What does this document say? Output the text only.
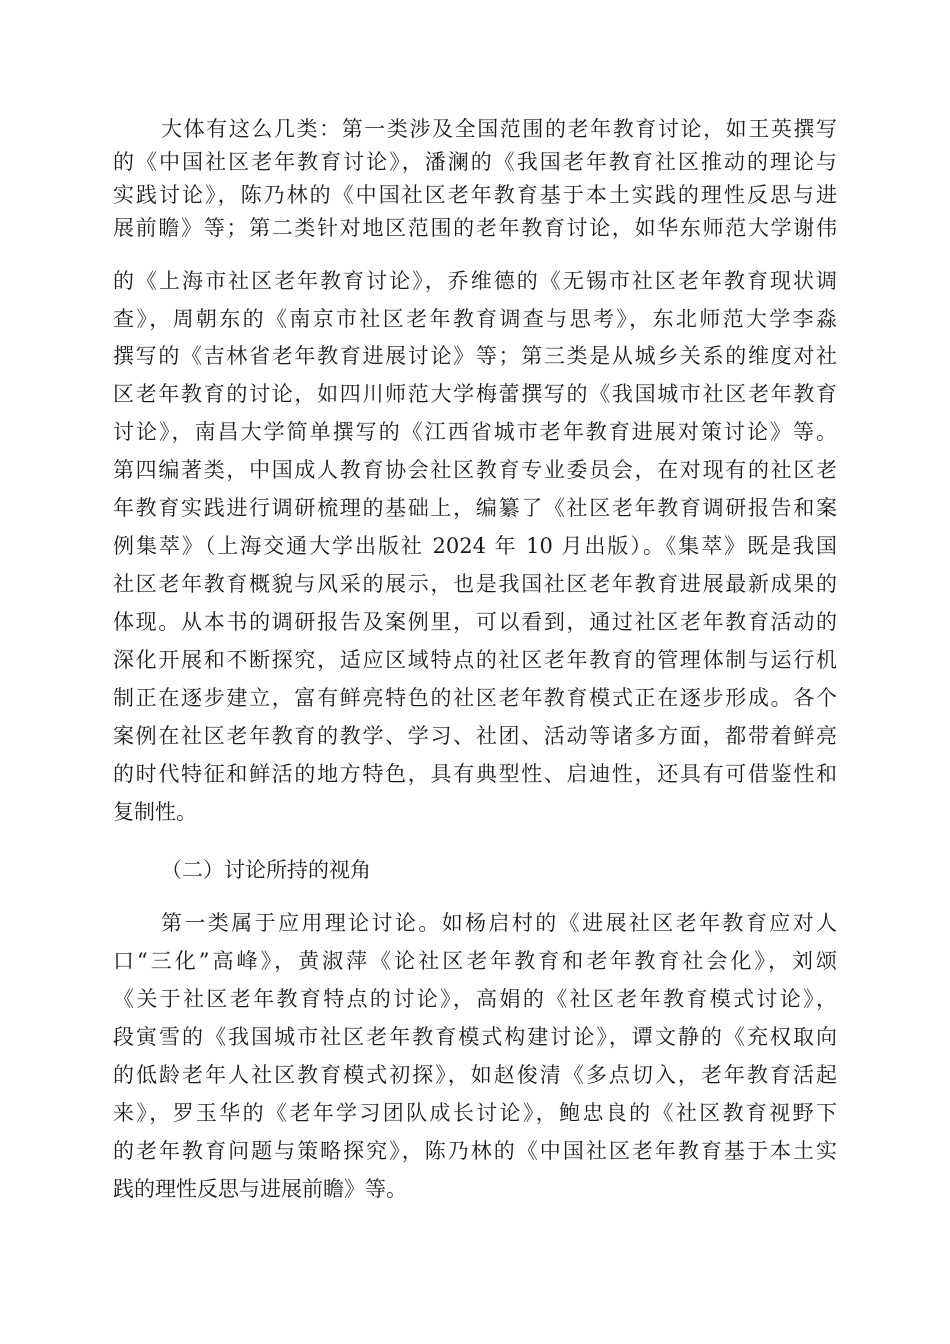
大体有这么几类：第一类涉及全国范围的老年教育讨论，如王英撰写

的《中国社区老年教育讨论》，潘澜的《我国老年教育社区推动的理论与

实践讨论》，陈乃林的《中国社区老年教育基于本土实践的理性反思与进

展前瞻》等；第二类针对地区范围的老年教育讨论，如华东师范大学谢伟

的《上海市社区老年教育讨论》，乔维德的《无锡市社区老年教育现状调

查》，周朝东的《南京市社区老年教育调查与思考》，东北师范大学李淼

撰写的《吉林省老年教育进展讨论》等；第三类是从城乡关系的维度对社

区老年教育的讨论，如四川师范大学梅蕾撰写的《我国城市社区老年教育

讨论》，南昌大学简单撰写的《江西省城市老年教育进展对策讨论》等。

第四编著类，中国成人教育协会社区教育专业委员会，在对现有的社区老

年教育实践进行调研梳理的基础上，编纂了《社区老年教育调研报告和案

例集萃》（上海交通大学出版社 2024 年 10 月出版）。《集萃》既是我国

社区老年教育概貌与风采的展示，也是我国社区老年教育进展最新成果的

体现。从本书的调研报告及案例里，可以看到，通过社区老年教育活动的

深化开展和不断探究，适应区域特点的社区老年教育的管理体制与运行机

制正在逐步建立，富有鲜亮特色的社区老年教育模式正在逐步形成。各个

案例在社区老年教育的教学、学习、社团、活动等诸多方面，都带着鲜亮

的时代特征和鲜活的地方特色，具有典型性、启迪性，还具有可借鉴性和

复制性。

（二）讨论所持的视角

第一类属于应用理论讨论。如杨启村的《进展社区老年教育应对人

口“三化”高峰》，黄淑萍《论社区老年教育和老年教育社会化》，刘颂

《关于社区老年教育特点的讨论》，高娟的《社区老年教育模式讨论》，

段寅雪的《我国城市社区老年教育模式构建讨论》，谭文静的《充权取向

的低龄老年人社区教育模式初探》，如赵俊清《多点切入，老年教育活起

来》，罗玉华的《老年学习团队成长讨论》，鲍忠良的《社区教育视野下

的老年教育问题与策略探究》，陈乃林的《中国社区老年教育基于本土实

践的理性反思与进展前瞻》等。
